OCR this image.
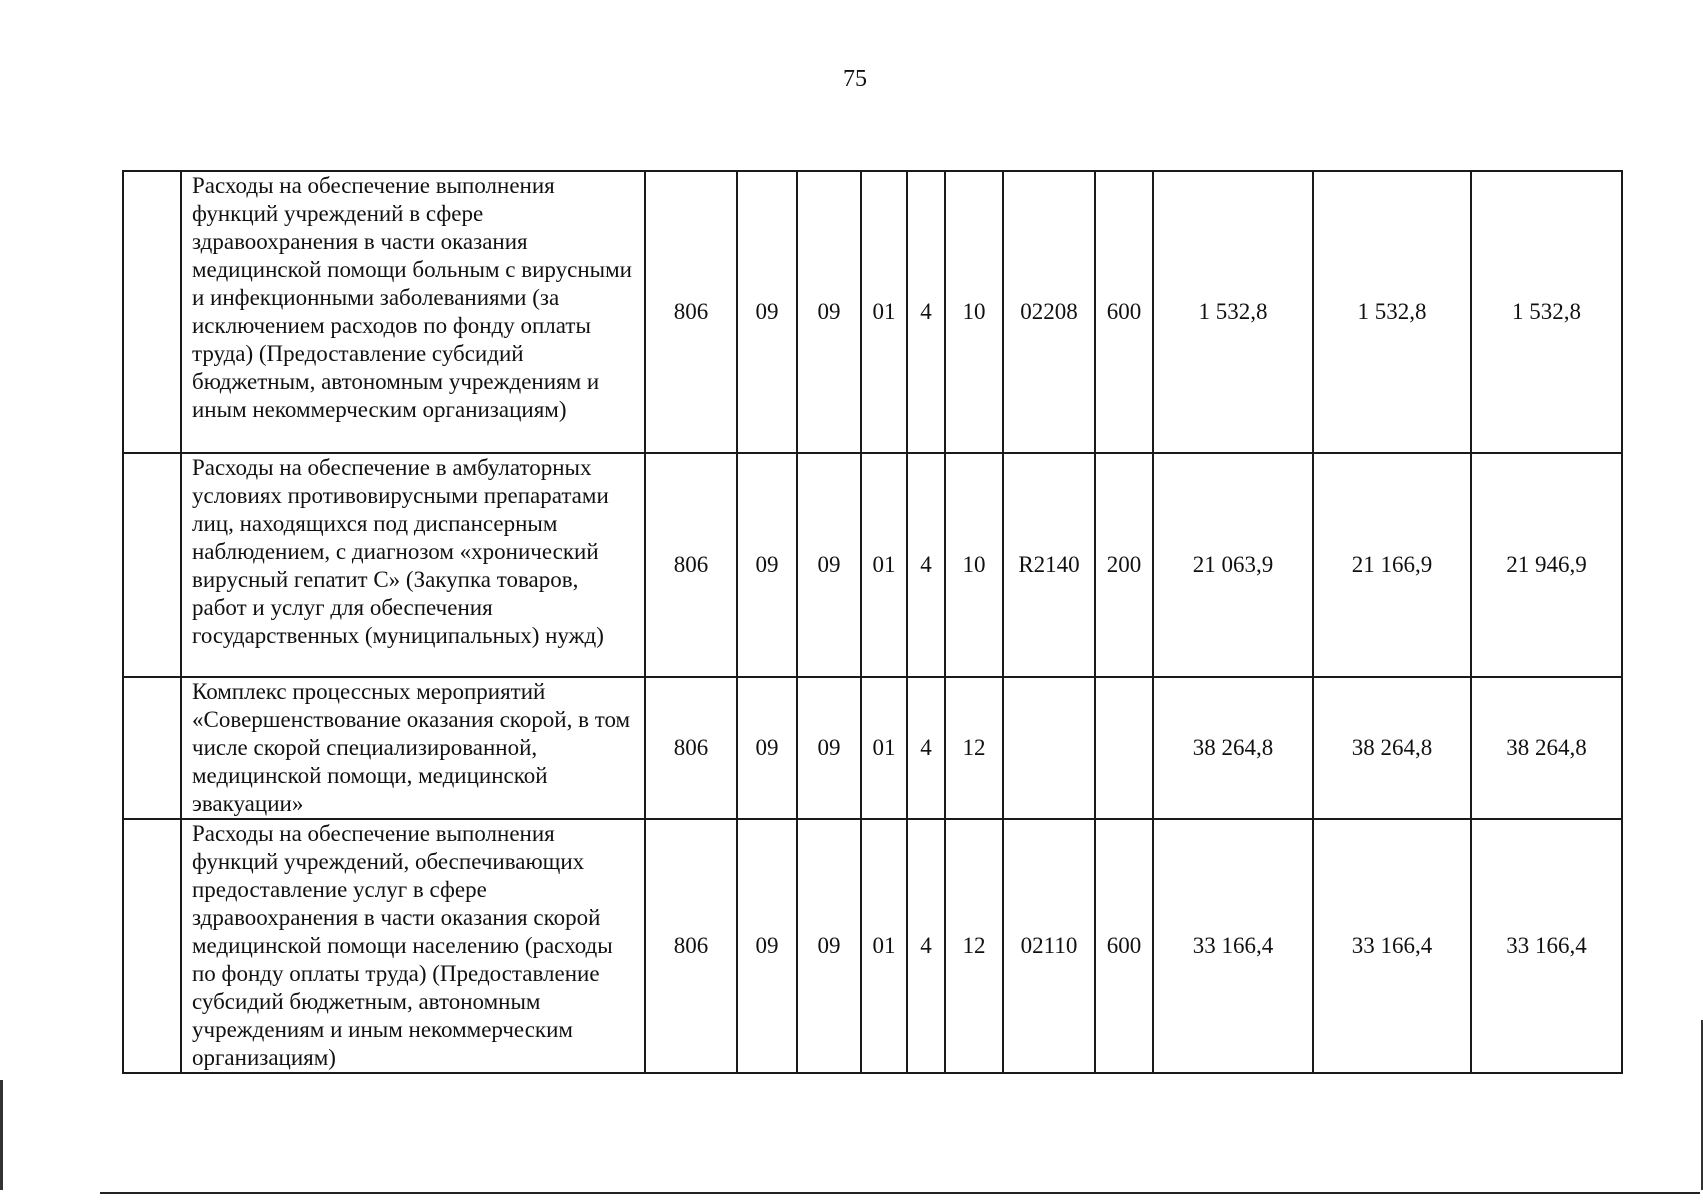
75
	Расходы на обеспечение выполнения функций учреждений в сфере здравоохранения в части оказания медицинской помощи больным с вирусными и инфекционными заболеваниями (за исключением расходов по фонду оплаты труда) (Предоставление субсидий бюджетным, автономным учреждениям и иным некоммерческим организациям)	806	09	09	01	4	10	02208	600	1 532,8	1 532,8	1 532,8
	Расходы на обеспечение в амбулаторных условиях противовирусными препаратами лиц, находящихся под диспансерным наблюдением, с диагнозом «хронический вирусный гепатит С» (Закупка товаров, работ и услуг для обеспечения государственных (муниципальных) нужд)	806	09	09	01	4	10	R2140	200	21 063,9	21 166,9	21 946,9
	Комплекс процессных мероприятий «Совершенствование оказания скорой, в том числе скорой специализированной, медицинской помощи, медицинской эвакуации»	806	09	09	01	4	12			38 264,8	38 264,8	38 264,8
	Расходы на обеспечение выполнения функций учреждений, обеспечивающих предоставление услуг в сфере здравоохранения в части оказания скорой медицинской помощи населению (расходы по фонду оплаты труда) (Предоставление субсидий бюджетным, автономным учреждениям и иным некоммерческим организациям)	806	09	09	01	4	12	02110	600	33 166,4	33 166,4	33 166,4
